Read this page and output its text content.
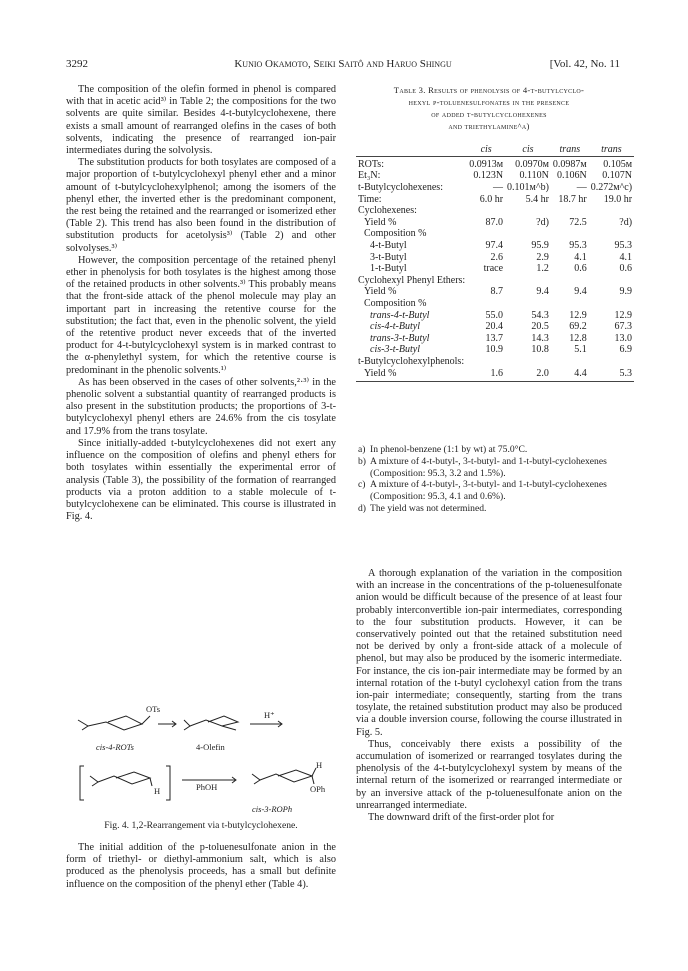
3292	Kunio Okamoto, Seiki Saitô and Haruo Shingu	[Vol. 42, No. 11

The composition of the olefin formed in phenol is compared with that in acetic acid³⁾ in Table 2; the compositions for the two solvents are quite similar. Besides 4-t-butylcyclohexene, there exists a small amount of rearranged olefins in the cases of both solvents, indicating the presence of rearranged ion-pair intermediates during the solvolysis.

The substitution products for both tosylates are composed of a major proportion of t-butylcyclohexyl phenyl ether and a minor amount of t-butylcyclohexylphenol; among the isomers of the phenyl ether, the inverted ether is the predominant component, the rest being the retained and the rearranged or isomerized ether (Table 2). This trend has also been found in the distribution of substitution products for acetolysis³⁾ (Table 2) and other solvolyses.³⁾

However, the composition percentage of the retained phenyl ether in phenolysis for both tosylates is the highest among those of the retained products in other solvents.³⁾ This probably means that the front-side attack of the phenol molecule may play an important part in increasing the retentive course for the substitution; the fact that, even in the phenolic solvent, the yield of the retentive product never exceeds that of the inverted product for 4-t-butylcyclohexyl system is in marked contrast to the α-phenylethyl system, for which the retentive course is predominant in the phenolic solvents.¹⁾

As has been observed in the cases of other solvents,²·³⁾ in the phenolic solvent a substantial quantity of rearranged products is also present in the substitution products; the proportions of 3-t-butylcyclohexyl phenyl ethers are 24.6% from the cis tosylate and 17.9% from the trans tosylate.

Since initially-added t-butylcyclohexenes did not exert any influence on the composition of olefins and phenyl ethers for both tosylates within essentially the experimental error of analysis (Table 3), the possibility of the formation of rearranged products via a proton addition to a stable molecule of t-butylcyclohexene can be eliminated. This course is illustrated in Fig. 4.

OTs
H⁺
cis-4-ROTs	4-Olefin
H	PhOH
H
OPh
cis-3-ROPh
Fig. 4. 1,2-Rearrangement via t-butylcyclohexene.

The initial addition of the p-toluenesulfonate anion in the form of triethyl- or diethyl-ammonium salt, which is also produced as the phenolysis proceeds, has a small but definite influence on the composition of the phenyl ether (Table 4).

Table 3. Results of phenolysis of 4-t-butylcyclo-
hexyl p-toluenesulfonates in the presence
of added t-butylcyclohexenes
and triethylamine^a)
	cis	cis	trans	trans
ROTs:	0.0913м	0.0970м	0.0987м	0.105м
Et₃N:	0.123N	0.110N	0.106N	0.107N
t-Butylcyclohexenes:	—	0.101м^b)	—	0.272м^c)
Time:	6.0 hr	5.4 hr	18.7 hr	19.0 hr
Cyclohexenes:				
Yield %	87.0	?d)	72.5	?d)
Composition %				
4-t-Butyl	97.4	95.9	95.3	95.3
3-t-Butyl	2.6	2.9	4.1	4.1
1-t-Butyl	trace	1.2	0.6	0.6
Cyclohexyl Phenyl Ethers:				
Yield %	8.7	9.4	9.4	9.9
Composition %				
trans-4-t-Butyl	55.0	54.3	12.9	12.9
cis-4-t-Butyl	20.4	20.5	69.2	67.3
trans-3-t-Butyl	13.7	14.3	12.8	13.0
cis-3-t-Butyl	10.9	10.8	5.1	6.9
t-Butylcyclohexylphenols:				
Yield %	1.6	2.0	4.4	5.3
a) In phenol-benzene (1:1 by wt) at 75.0°C.
b) A mixture of 4-t-butyl-, 3-t-butyl- and 1-t-butyl-cyclohexenes (Composition: 95.3, 3.2 and 1.5%).
c) A mixture of 4-t-butyl-, 3-t-butyl- and 1-t-butyl-cyclohexenes (Composition: 95.3, 4.1 and 0.6%).
d) The yield was not determined.

A thorough explanation of the variation in the composition with an increase in the concentrations of the p-toluenesulfonate anion would be difficult because of the presence of at least four probably interconvertible ion-pair intermediates, corresponding to the four substitution products. However, it can be conservatively pointed out that the retained substitution need not be derived by only a front-side attack of a molecule of phenol, but may also be produced by the isomeric intermediate. For instance, the cis ion-pair intermediate may be formed by an internal rotation of the t-butyl cyclohexyl cation from the trans ion-pair intermediate; consequently, starting from the trans tosylate, the retained substitution product may also be produced via a double inversion course, following the course illustrated in Fig. 5.

Thus, conceivably there exists a possibility of the accumulation of isomerized or rearranged tosylates during the phenolysis of the 4-t-butylcyclohexyl system by means of the internal return of the isomerized or rearranged intermediate or by an inversive attack of the p-toluenesulfonate anion on the unrearranged intermediate.

The downward drift of the first-order plot for
